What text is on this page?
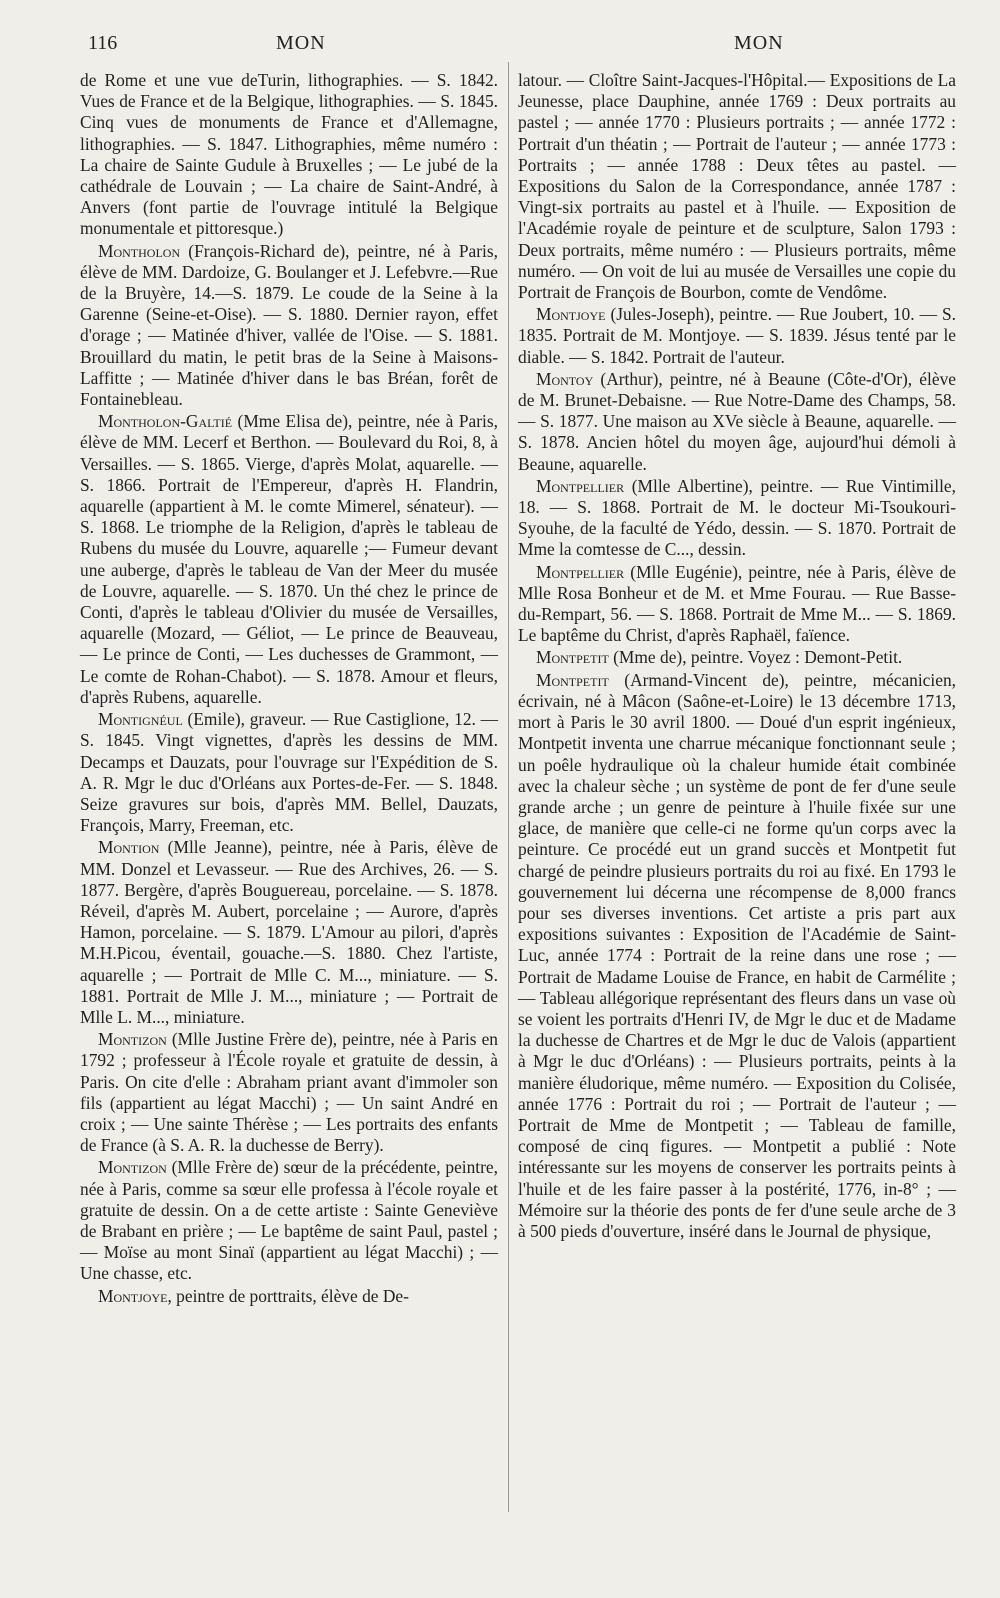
116	MON	MON

de Rome et une vue deTurin, lithographies. — S. 1842. Vues de France et de la Belgique, lithographies. — S. 1845. Cinq vues de monuments de France et d'Allemagne, lithographies. — S. 1847. Lithographies, même numéro : La chaire de Sainte Gudule à Bruxelles ; — Le jubé de la cathédrale de Louvain ; — La chaire de Saint-André, à Anvers (font partie de l'ouvrage intitulé la Belgique monumentale et pittoresque.)

Montholon (François-Richard de), peintre, né à Paris, élève de MM. Dardoize, G. Boulanger et J. Lefebvre.—Rue de la Bruyère, 14.—S. 1879. Le coude de la Seine à la Garenne (Seine-et-Oise). — S. 1880. Dernier rayon, effet d'orage ; — Matinée d'hiver, vallée de l'Oise. — S. 1881. Brouillard du matin, le petit bras de la Seine à Maisons-Laffitte ; — Matinée d'hiver dans le bas Bréan, forêt de Fontainebleau.

Montholon-Galtié (Mme Elisa de), peintre, née à Paris, élève de MM. Lecerf et Berthon. — Boulevard du Roi, 8, à Versailles. — S. 1865. Vierge, d'après Molat, aquarelle. — S. 1866. Portrait de l'Empereur, d'après H. Flandrin, aquarelle (appartient à M. le comte Mimerel, sénateur). — S. 1868. Le triomphe de la Religion, d'après le tableau de Rubens du musée du Louvre, aquarelle ;— Fumeur devant une auberge, d'après le tableau de Van der Meer du musée de Louvre, aquarelle. — S. 1870. Un thé chez le prince de Conti, d'après le tableau d'Olivier du musée de Versailles, aquarelle (Mozard, — Géliot, — Le prince de Beauveau, — Le prince de Conti, — Les duchesses de Grammont, — Le comte de Rohan-Chabot). — S. 1878. Amour et fleurs, d'après Rubens, aquarelle.

Montignéul (Emile), graveur. — Rue Castiglione, 12. — S. 1845. Vingt vignettes, d'après les dessins de MM. Decamps et Dauzats, pour l'ouvrage sur l'Expédition de S. A. R. Mgr le duc d'Orléans aux Portes-de-Fer. — S. 1848. Seize gravures sur bois, d'après MM. Bellel, Dauzats, François, Marry, Freeman, etc.

Montion (Mlle Jeanne), peintre, née à Paris, élève de MM. Donzel et Levasseur. — Rue des Archives, 26. — S. 1877. Bergère, d'après Bouguereau, porcelaine. — S. 1878. Réveil, d'après M. Aubert, porcelaine ; — Aurore, d'après Hamon, porcelaine. — S. 1879. L'Amour au pilori, d'après M.H.Picou, éventail, gouache.—S. 1880. Chez l'artiste, aquarelle ; — Portrait de Mlle C. M..., miniature. — S. 1881. Portrait de Mlle J. M..., miniature ; — Portrait de Mlle L. M..., miniature.

Montizon (Mlle Justine Frère de), peintre, née à Paris en 1792 ; professeur à l'École royale et gratuite de dessin, à Paris. On cite d'elle : Abraham priant avant d'immoler son fils (appartient au légat Macchi) ; — Un saint André en croix ; — Une sainte Thérèse ; — Les portraits des enfants de France (à S. A. R. la duchesse de Berry).

Montizon (Mlle Frère de) sœur de la précédente, peintre, née à Paris, comme sa sœur elle professa à l'école royale et gratuite de dessin. On a de cette artiste : Sainte Geneviève de Brabant en prière ; — Le baptême de saint Paul, pastel ; — Moïse au mont Sinaï (appartient au légat Macchi) ; — Une chasse, etc.

Montjoye, peintre de porttraits, élève de De-

latour. — Cloître Saint-Jacques-l'Hôpital.— Expositions de La Jeunesse, place Dauphine, année 1769 : Deux portraits au pastel ; — année 1770 : Plusieurs portraits ; — année 1772 : Portrait d'un théatin ; — Portrait de l'auteur ; — année 1773 : Portraits ; — année 1788 : Deux têtes au pastel. — Expositions du Salon de la Correspondance, année 1787 : Vingt-six portraits au pastel et à l'huile. — Exposition de l'Académie royale de peinture et de sculpture, Salon 1793 : Deux portraits, même numéro : — Plusieurs portraits, même numéro. — On voit de lui au musée de Versailles une copie du Portrait de François de Bourbon, comte de Vendôme.

Montjoye (Jules-Joseph), peintre. — Rue Joubert, 10. — S. 1835. Portrait de M. Montjoye. — S. 1839. Jésus tenté par le diable. — S. 1842. Portrait de l'auteur.

Montoy (Arthur), peintre, né à Beaune (Côte-d'Or), élève de M. Brunet-Debaisne. — Rue Notre-Dame des Champs, 58. — S. 1877. Une maison au XVe siècle à Beaune, aquarelle. — S. 1878. Ancien hôtel du moyen âge, aujourd'hui démoli à Beaune, aquarelle.

Montpellier (Mlle Albertine), peintre. — Rue Vintimille, 18. — S. 1868. Portrait de M. le docteur Mi-Tsoukouri-Syouhe, de la faculté de Yédo, dessin. — S. 1870. Portrait de Mme la comtesse de C..., dessin.

Montpellier (Mlle Eugénie), peintre, née à Paris, élève de Mlle Rosa Bonheur et de M. et Mme Fourau. — Rue Basse-du-Rempart, 56. — S. 1868. Portrait de Mme M... — S. 1869. Le baptême du Christ, d'après Raphaël, faïence.

Montpetit (Mme de), peintre. Voyez : Demont-Petit.

Montpetit (Armand-Vincent de), peintre, mécanicien, écrivain, né à Mâcon (Saône-et-Loire) le 13 décembre 1713, mort à Paris le 30 avril 1800. — Doué d'un esprit ingénieux, Montpetit inventa une charrue mécanique fonctionnant seule ; un poêle hydraulique où la chaleur humide était combinée avec la chaleur sèche ; un système de pont de fer d'une seule grande arche ; un genre de peinture à l'huile fixée sur une glace, de manière que celle-ci ne forme qu'un corps avec la peinture. Ce procédé eut un grand succès et Montpetit fut chargé de peindre plusieurs portraits du roi au fixé. En 1793 le gouvernement lui décerna une récompense de 8,000 francs pour ses diverses inventions. Cet artiste a pris part aux expositions suivantes : Exposition de l'Académie de Saint-Luc, année 1774 : Portrait de la reine dans une rose ; — Portrait de Madame Louise de France, en habit de Carmélite ; — Tableau allégorique représentant des fleurs dans un vase où se voient les portraits d'Henri IV, de Mgr le duc et de Madame la duchesse de Chartres et de Mgr le duc de Valois (appartient à Mgr le duc d'Orléans) : — Plusieurs portraits, peints à la manière éludorique, même numéro. — Exposition du Colisée, année 1776 : Portrait du roi ; — Portrait de l'auteur ; — Portrait de Mme de Montpetit ; — Tableau de famille, composé de cinq figures. — Montpetit a publié : Note intéressante sur les moyens de conserver les portraits peints à l'huile et de les faire passer à la postérité, 1776, in-8° ; — Mémoire sur la théorie des ponts de fer d'une seule arche de 3 à 500 pieds d'ouverture, inséré dans le Journal de physique,
